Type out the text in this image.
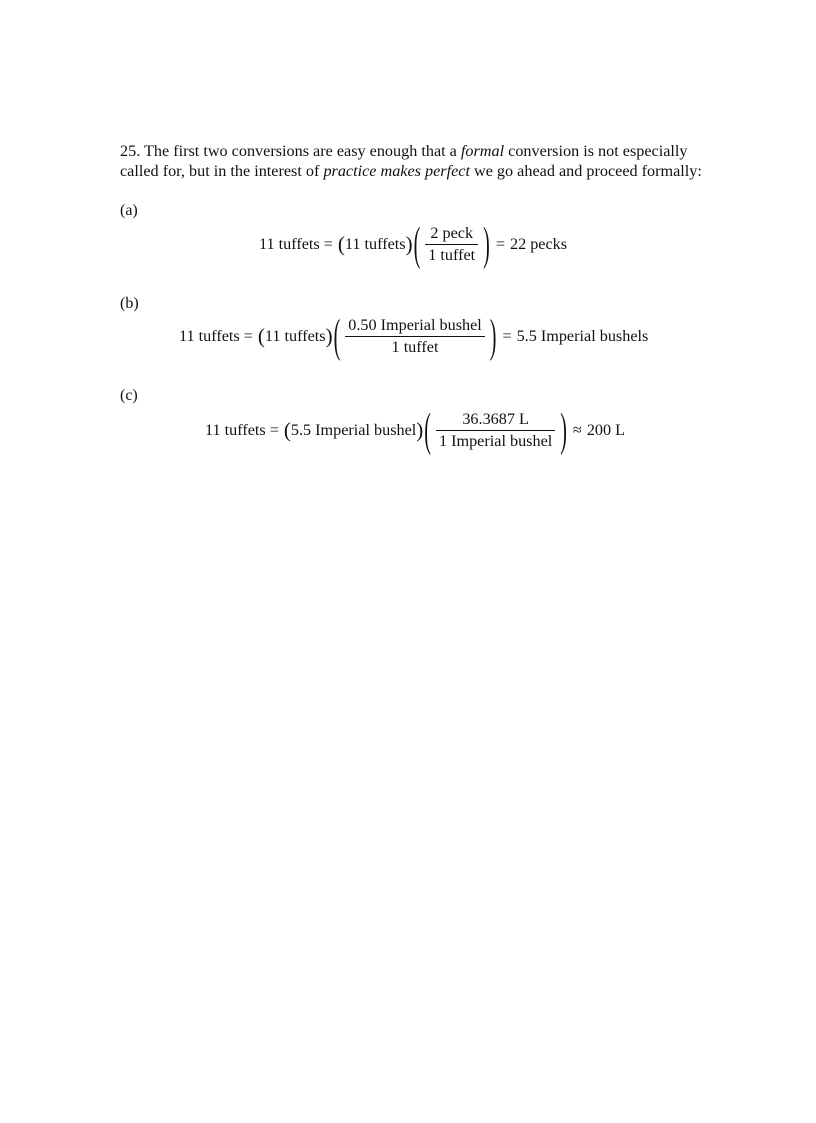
25. The first two conversions are easy enough that a formal conversion is not especially called for, but in the interest of practice makes perfect we go ahead and proceed formally:

(a)
11 tuffets = ( 11 tuffets ) ( $\frac{\text{2 peck}}{\text{1 tuffet}}$ ) = 22 pecks
(b)
11 tuffets = ( 11 tuffets ) ( $\frac{\text{0.50 Imperial bushel}}{\text{1 tuffet}}$ ) = 5.5 Imperial bushels
(c)
11 tuffets = ( 5.5 Imperial bushel ) ( $\frac{36.3687 L}{\text{1 Imperial bushel}}$ ) ≈ 200 L
